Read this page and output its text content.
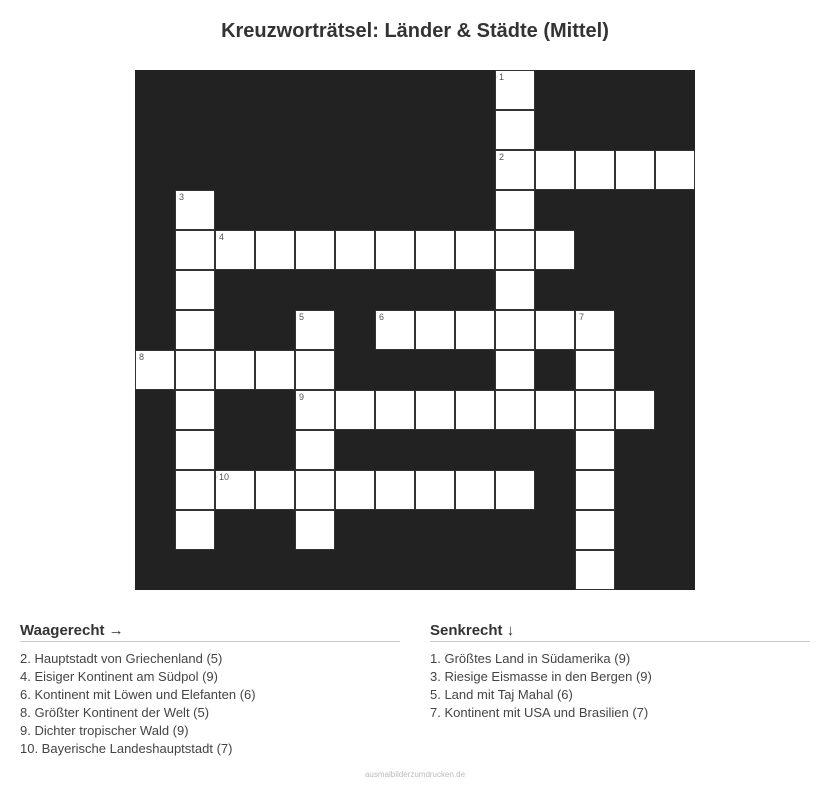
Kreuzworträtsel: Länder & Städte (Mittel)
1
2
3
4
5	6	7
8
9
10
Waagerecht →
2. Hauptstadt von Griechenland (5)
4. Eisiger Kontinent am Südpol (9)
6. Kontinent mit Löwen und Elefanten (6)
8. Größter Kontinent der Welt (5)
9. Dichter tropischer Wald (9)
10. Bayerische Landeshauptstadt (7)
Senkrecht ↓
1. Größtes Land in Südamerika (9)
3. Riesige Eismasse in den Bergen (9)
5. Land mit Taj Mahal (6)
7. Kontinent mit USA und Brasilien (7)
ausmalbilderzumdrucken.de
